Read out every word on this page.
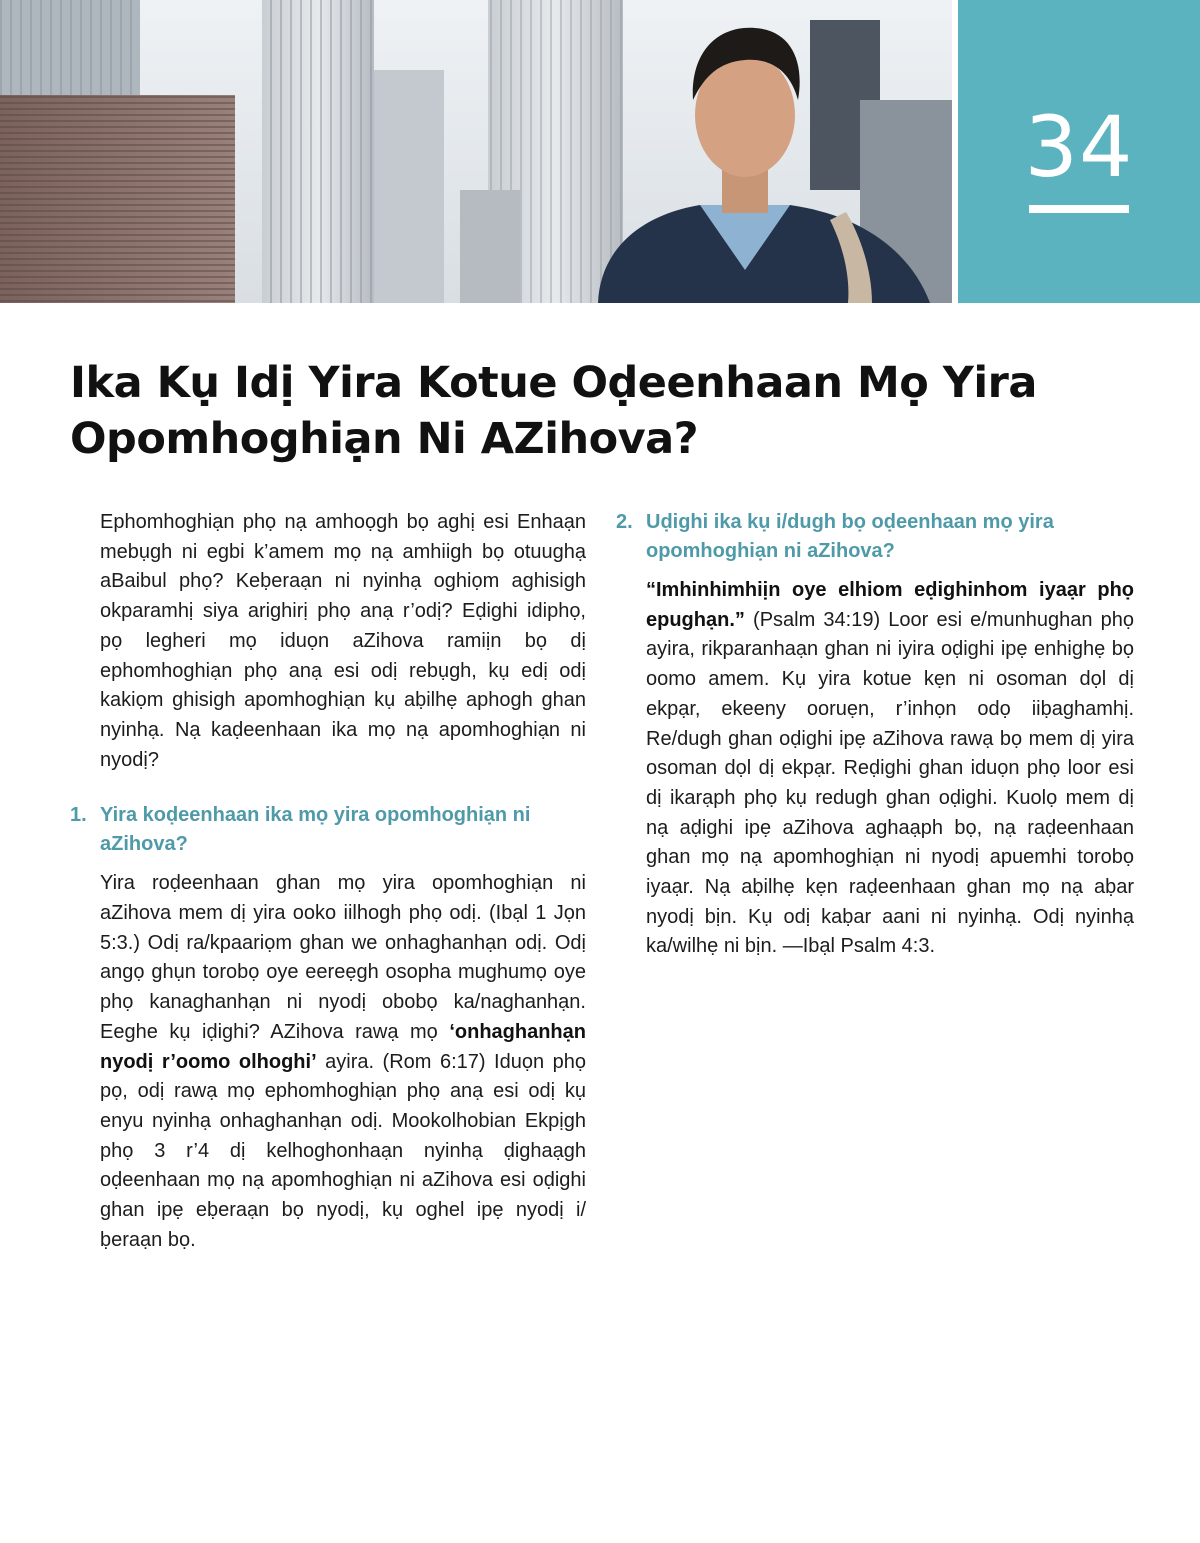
34
Ika Kụ Idị Yira Kotue Oḍeenhaan Mọ Yira Opomhoghiạn Ni AZihova?

Ephomhoghiạn phọ nạ amhoọgh bọ aghị esi Enhaạn mebụgh ni egbi k’amem mọ nạ amhiigh bọ otuughạ aBaibul phọ? Keḅeraạn ni nyinhạ oghiọm aghisigh okparamhị siya arighirị phọ anạ r’odị? Eḍighi idiphọ, pọ legheri mọ iduọn aZihova ramiịn bọ dị ephomhoghiạn phọ anạ esi odị rebụgh, kụ edị odị kakiọm ghisigh apomhoghiạn kụ aḅilhẹ aphogh ghan nyinhạ. Nạ kaḍeenhaan ika mọ nạ apomhoghiạn ni nyodị?

1. Yira koḍeenhaan ika mọ yira opomhoghiạn ni aZihova?

Yira roḍeenhaan ghan mọ yira opomhoghiạn ni aZihova mem dị yira ooko iilhogh phọ odị. (Ibạl 1 Jọn 5:3.) Odị ra/kpaariọm ghan we onhaghanhạn odị. Odị angọ ghụn torobọ oye eereẹgh osopha mughumọ oye phọ kanaghanhạn ni nyodị obobọ ka/naghanhạn. Eeghe kụ iḍighi? AZihova rawạ mọ ‘onhaghanhạn nyodị r’oomo olhoghi’ ayira. (Rom 6:17) Iduọn phọ pọ, odị rawạ mọ ephomhoghiạn phọ anạ esi odị kụ enyu nyinhạ onhaghanhạn odị. Mookolhobian Ekpịgh phọ 3 r’4 dị kelhoghonhaạn nyinhạ ḍighaạgh oḍeenhaan mọ nạ apomhoghiạn ni aZihova esi oḍighi ghan ipẹ eḅeraạn bọ nyodị, kụ oghel ipẹ nyodị i/ḅeraạn bọ.

2. Uḍighi ika kụ i/dugh bọ oḍeenhaan mọ yira opomhoghiạn ni aZihova?

“Imhinhimhiịn oye elhiom eḍighinhom iyaạr phọ epughạn.” (Psalm 34:19) Loor esi e/munhughan phọ ayira, rikparanhaạn ghan ni iyira oḍighi ipẹ enhighẹ bọ oomo amem. Kụ yira kotue kẹn ni osoman dọl dị ekpạr, ekeeny ooruẹn, r’inhọn odọ iiḅaghamhị. Re/dugh ghan oḍighi ipẹ aZihova rawạ bọ mem dị yira osoman dọl dị ekpạr. Reḍighi ghan iduọn phọ loor esi dị ikarạph phọ kụ redugh ghan oḍighi. Kuolọ mem dị nạ aḍighi ipẹ aZihova aghaạph bọ, nạ raḍeenhaan ghan mọ nạ apomhoghiạn ni nyodị apuemhi torobọ iyaạr. Nạ aḅilhẹ kẹn raḍeenhaan ghan mọ nạ aḅar nyodị bịn. Kụ odị kaḅar aani ni nyinhạ. Odị nyinhạ ka/wilhẹ ni bịn. —Ibạl Psalm 4:3.
